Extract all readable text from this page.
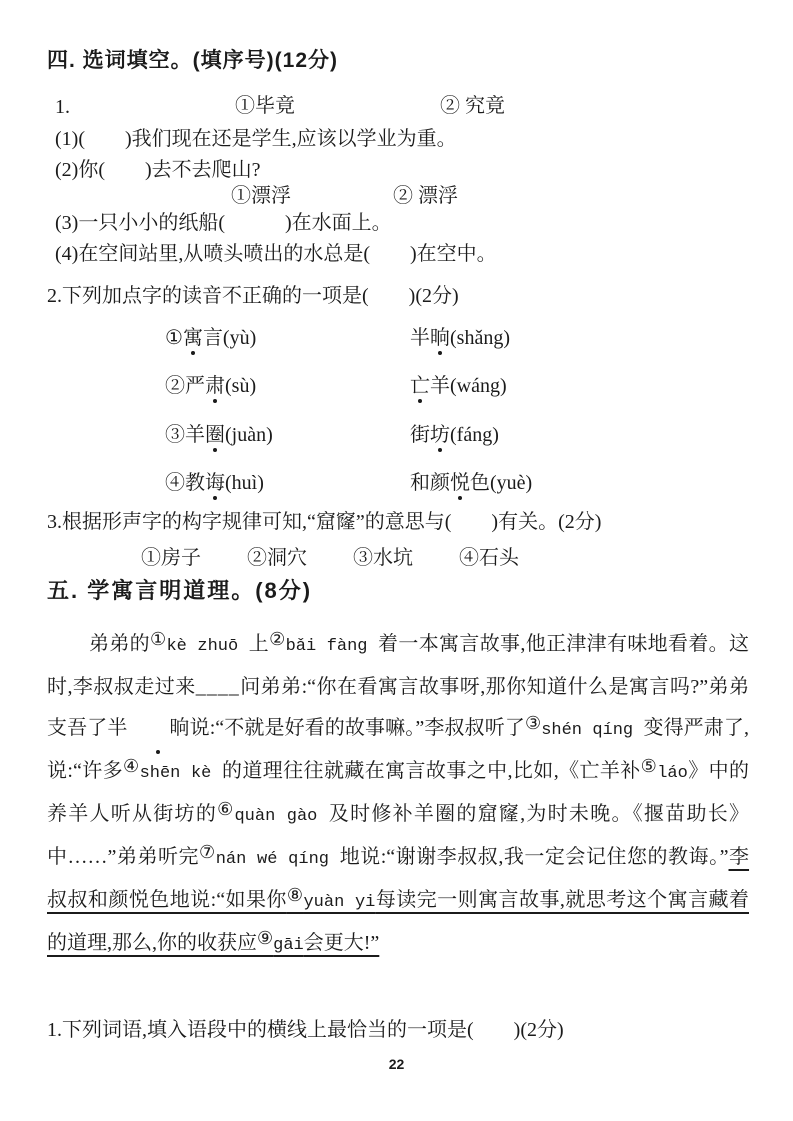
四. 选词填空。(填序号)(12分)
1.	①毕竟	② 究竟
(1)(        )我们现在还是学生,应该以学业为重。
(2)你(        )去不去爬山?
①漂浮	② 漂浮
(3)一只小小的纸船(            )在水面上。
(4)在空间站里,从喷头喷出的水总是(        )在空中。
2.下列加点字的读音不正确的一项是(        )(2分)
①寓言(yù)	半晌(shǎng)
②严肃(sù)	亡羊(wáng)
③羊圈(juàn)	街坊(fáng)
④教诲(huì)	和颜悦色(yuè)
3.根据形声字的构字规律可知,“窟窿”的意思与(        )有关。(2分)
①房子 ②洞穴 ③水坑 ④石头
五. 学寓言明道理。(8分)
弟弟的①kè zhuō 上②bǎi fàng 着一本寓言故事,他正津津有味地看着。这时,李叔叔走过来____问弟弟:“你在看寓言故事呀,那你知道什么是寓言吗?”弟弟支吾了半 晌说:“不就是好看的故事嘛。”李叔叔听了③shén qíng 变得严肃了,说:“许多④shēn kè 的道理往往就藏在寓言故事之中,比如,《亡羊补⑤láo》中的养羊人听从街坊的⑥quàn gào 及时修补羊圈的窟窿,为时未晚。《揠苗助长》中……”弟弟听完⑦nán wé qíng 地说:“谢谢李叔叔,我一定会记住您的教诲。”李叔叔和颜悦色地说:“如果你⑧yuàn yi每读完一则寓言故事,就思考这个寓言藏着的道理,那么,你的收获应⑨gāi会更大!”
1.下列词语,填入语段中的横线上最恰当的一项是(        )(2分)
22
